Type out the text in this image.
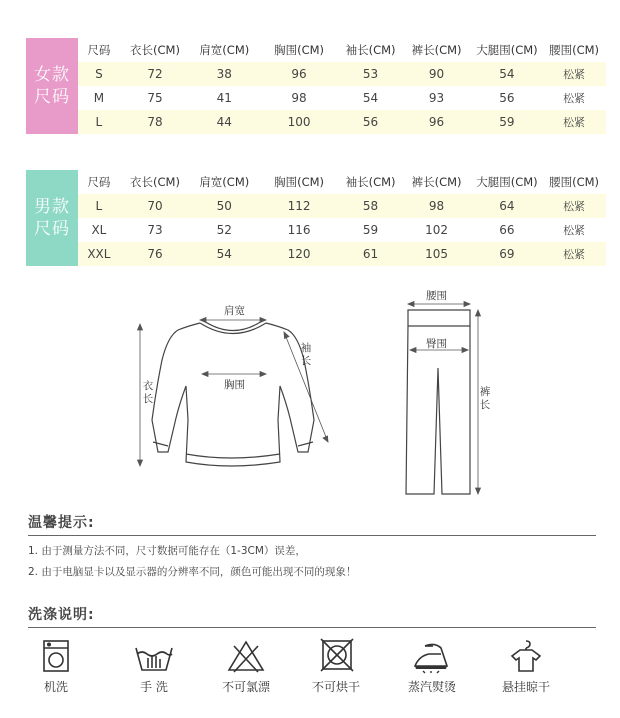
女款
尺码
尺码	衣长(CM)	肩宽(CM)	胸围(CM)	袖长(CM)	裤长(CM)	大腿围(CM)	腰围(CM)
S	72	38	96	53	90	54	松紧
M	75	41	98	54	93	56	松紧
L	78	44	100	56	96	59	松紧
男款
尺码
尺码	衣长(CM)	肩宽(CM)	胸围(CM)	袖长(CM)	裤长(CM)	大腿围(CM)	腰围(CM)
L	70	50	112	58	98	64	松紧
XL	73	52	116	59	102	66	松紧
XXL	76	54	120	61	105	69	松紧
肩宽
胸围
袖长
衣长
腰围
臀围
裤长
温馨提示:
1. 由于测量方法不同，尺寸数据可能存在（1-3CM）误差，
2. 由于电脑显卡以及显示器的分辨率不同，颜色可能出现不同的现象！
洗涤说明:
机洗	手 洗	不可氯漂	不可烘干	蒸汽熨烫	悬挂晾干
